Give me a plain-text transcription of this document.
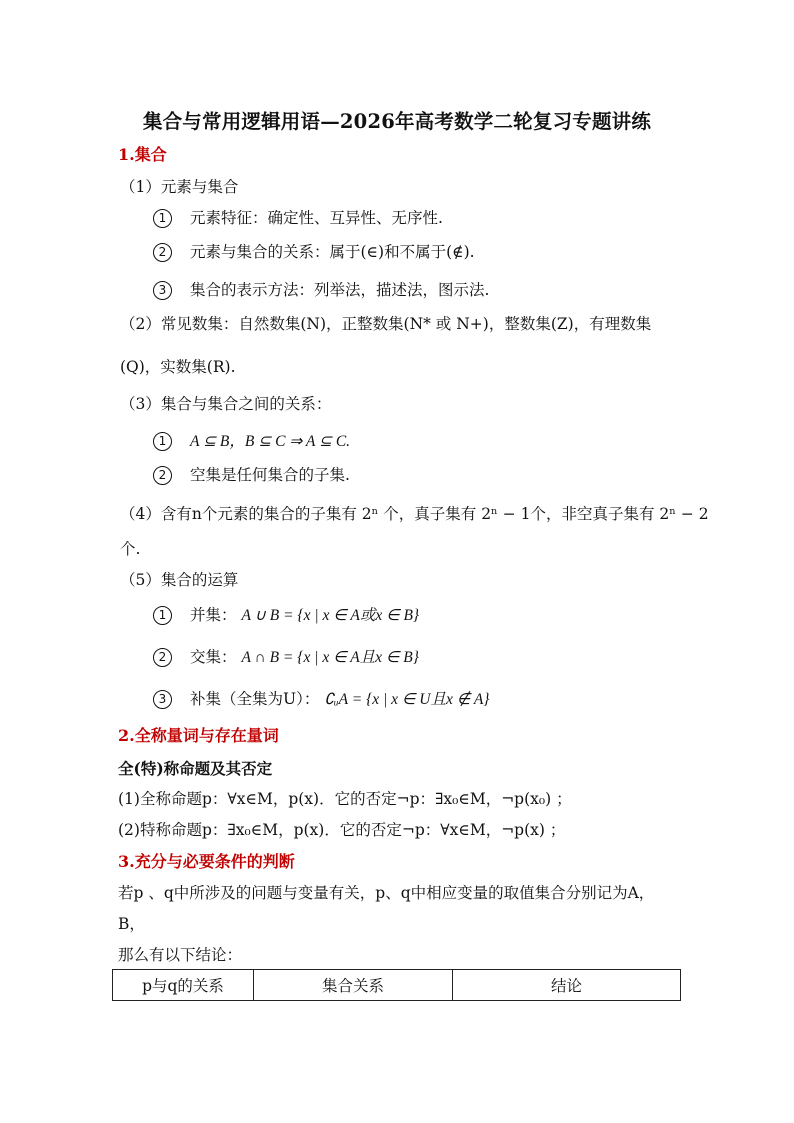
集合与常用逻辑用语—2026年高考数学二轮复习专题讲练
1.集合
（1）元素与集合
1 元素特征：确定性、互异性、无序性.
2 元素与集合的关系：属于(∈)和不属于(∉).
3 集合的表示方法：列举法，描述法，图示法.
（2）常见数集：自然数集(N)，正整数集(N* 或 N+)，整数集(Z)，有理数集
(Q)，实数集(R).
（3）集合与集合之间的关系：
1 A ⊆ B，B ⊆ C ⇒ A ⊆ C.
2 空集是任何集合的子集.
（4）含有n个元素的集合的子集有 2ⁿ 个，真子集有 2ⁿ − 1个，非空真子集有 2ⁿ − 2
个.
（5）集合的运算
1 并集： A ∪ B = {x | x ∈ A或x ∈ B}
2 交集： A ∩ B = {x | x ∈ A且x ∈ B}
3 补集（全集为U）： ∁ᵤA = {x | x ∈ U且x ∉ A}
2.全称量词与存在量词
全(特)称命题及其否定
(1)全称命题p：∀x∈M，p(x)．它的否定¬p：∃x₀∈M，¬p(x₀) ；
(2)特称命题p：∃x₀∈M，p(x)．它的否定¬p：∀x∈M，¬p(x) ；
3.充分与必要条件的判断
若p 、q中所涉及的问题与变量有关，p、q中相应变量的取值集合分别记为A，
B，
那么有以下结论：
p与q的关系	集合关系	结论
